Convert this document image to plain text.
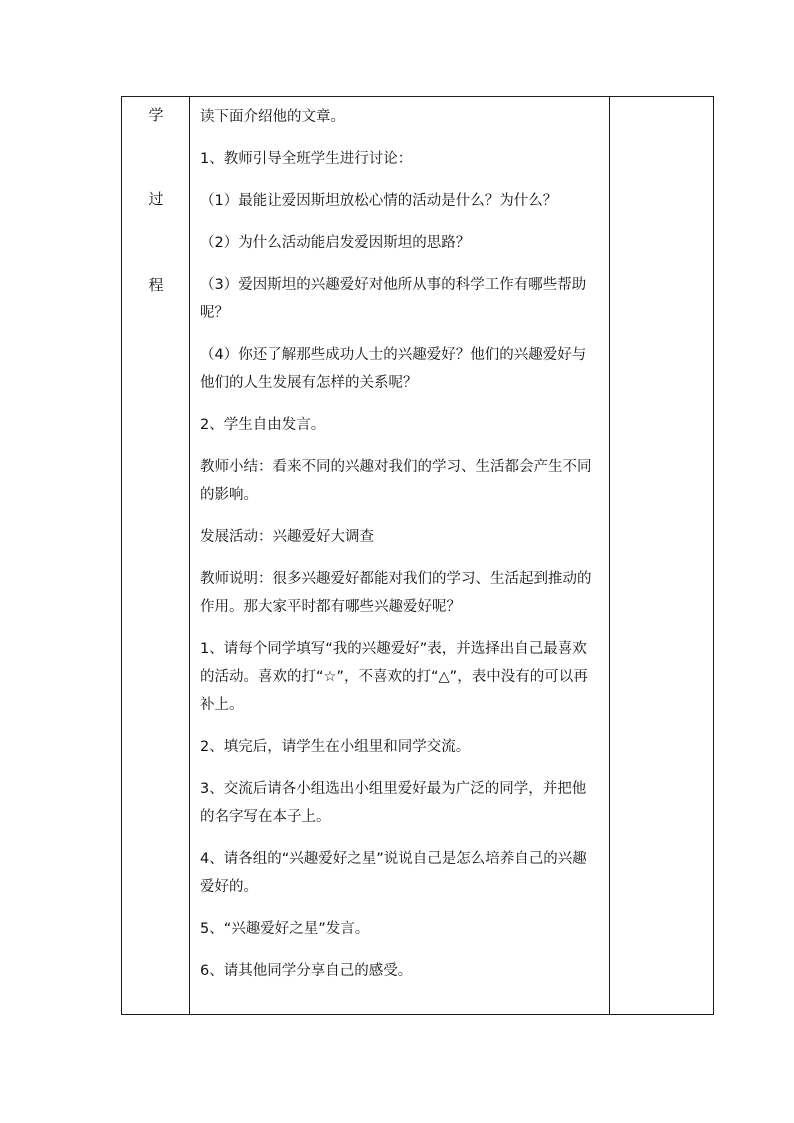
学
过
程

读下面介绍他的文章。

1、教师引导全班学生进行讨论：

（1）最能让爱因斯坦放松心情的活动是什么？为什么？

（2）为什么活动能启发爱因斯坦的思路？

（3）爱因斯坦的兴趣爱好对他所从事的科学工作有哪些帮助呢？

（4）你还了解那些成功人士的兴趣爱好？他们的兴趣爱好与他们的人生发展有怎样的关系呢？

2、学生自由发言。

教师小结：看来不同的兴趣对我们的学习、生活都会产生不同的影响。

发展活动：兴趣爱好大调查

教师说明：很多兴趣爱好都能对我们的学习、生活起到推动的作用。那大家平时都有哪些兴趣爱好呢？

1、请每个同学填写“我的兴趣爱好”表，并选择出自己最喜欢的活动。喜欢的打“☆”，不喜欢的打“△”，表中没有的可以再补上。

2、填完后，请学生在小组里和同学交流。

3、交流后请各小组选出小组里爱好最为广泛的同学，并把他的名字写在本子上。

4、请各组的“兴趣爱好之星”说说自己是怎么培养自己的兴趣爱好的。

5、“兴趣爱好之星”发言。

6、请其他同学分享自己的感受。
